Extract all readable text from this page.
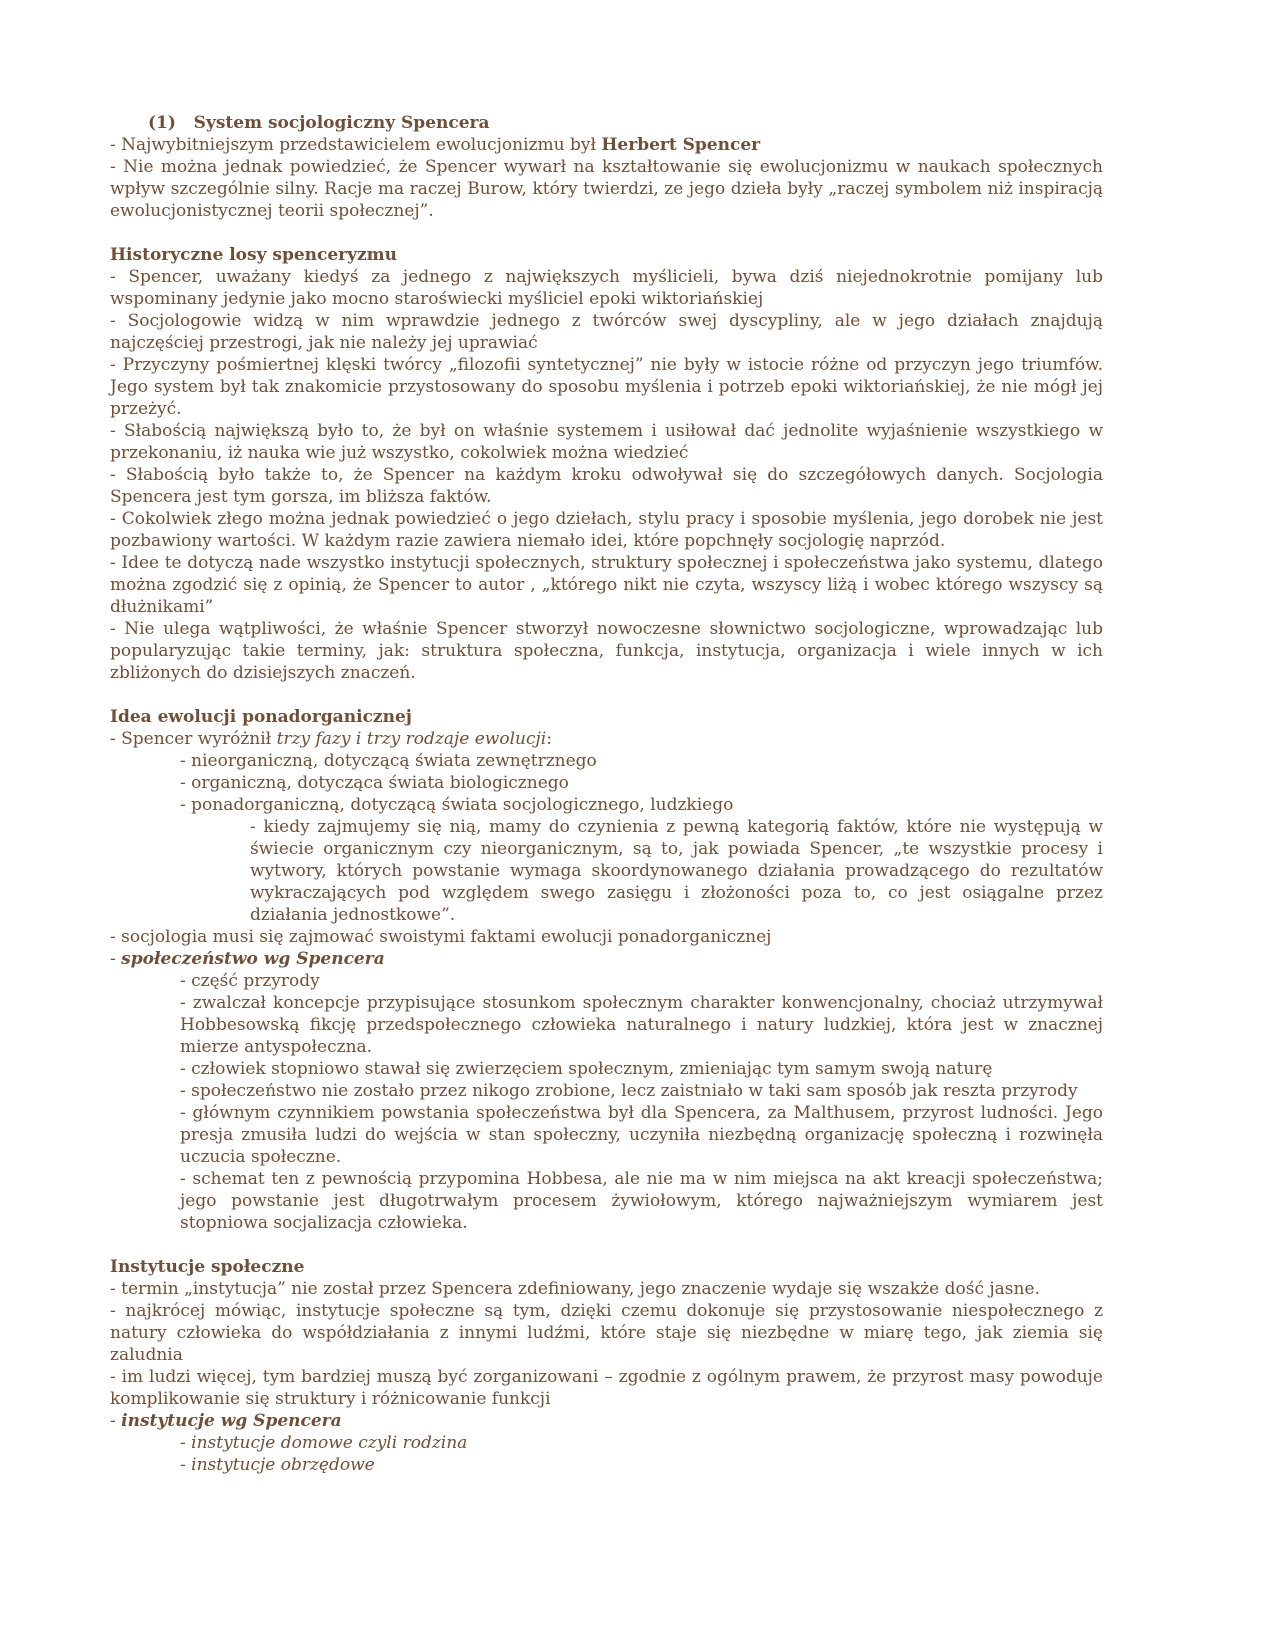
(1)   System socjologiczny Spencera

- Najwybitniejszym przedstawicielem ewolucjonizmu był Herbert Spencer

- Nie można jednak powiedzieć, że Spencer wywarł na kształtowanie się ewolucjonizmu w naukach społecznych wpływ szczególnie silny. Racje ma raczej Burow, który twierdzi, ze jego dzieła były „raczej symbolem niż inspiracją ewolucjonistycznej teorii społecznej”.

Historyczne losy spenceryzmu

- Spencer, uważany kiedyś za jednego z największych myślicieli, bywa dziś niejednokrotnie pomijany lub wspominany jedynie jako mocno staroświecki myśliciel epoki wiktoriańskiej

- Socjologowie widzą w nim wprawdzie jednego z twórców swej dyscypliny, ale w jego działach znajdują najczęściej przestrogi, jak nie należy jej uprawiać

- Przyczyny pośmiertnej klęski twórcy „filozofii syntetycznej” nie były w istocie różne od przyczyn jego triumfów. Jego system był tak znakomicie przystosowany do sposobu myślenia i potrzeb epoki wiktoriańskiej, że nie mógł jej przeżyć.

- Słabością największą było to, że był on właśnie systemem i usiłował dać jednolite wyjaśnienie wszystkiego w przekonaniu, iż nauka wie już wszystko, cokolwiek można wiedzieć

- Słabością było także to, że Spencer na każdym kroku odwoływał się do szczegółowych danych. Socjologia Spencera jest tym gorsza, im bliższa faktów.

- Cokolwiek złego można jednak powiedzieć o jego dziełach, stylu pracy i sposobie myślenia, jego dorobek nie jest pozbawiony wartości. W każdym razie zawiera niemało idei, które popchnęły socjologię naprzód.

- Idee te dotyczą nade wszystko instytucji społecznych, struktury społecznej i społeczeństwa jako systemu, dlatego można zgodzić się z opinią, że Spencer to autor , „którego nikt nie czyta, wszyscy liżą i wobec którego wszyscy są dłużnikami”

- Nie ulega wątpliwości, że właśnie Spencer stworzył nowoczesne słownictwo socjologiczne, wprowadzając lub popularyzując takie terminy, jak: struktura społeczna, funkcja, instytucja, organizacja i wiele innych w ich zbliżonych do dzisiejszych znaczeń.

Idea ewolucji ponadorganicznej

- Spencer wyróżnił trzy fazy i trzy rodzaje ewolucji:

- nieorganiczną, dotyczącą świata zewnętrznego

- organiczną, dotycząca świata biologicznego

- ponadorganiczną, dotyczącą świata socjologicznego, ludzkiego

- kiedy zajmujemy się nią, mamy do czynienia z pewną kategorią faktów, które nie występują w świecie organicznym czy nieorganicznym, są to, jak powiada Spencer, „te wszystkie procesy i wytwory, których powstanie wymaga skoordynowanego działania prowadzącego do rezultatów wykraczających pod względem swego zasięgu i złożoności poza to, co jest osiągalne przez działania jednostkowe”.

- socjologia musi się zajmować swoistymi faktami ewolucji ponadorganicznej

- społeczeństwo wg Spencera

- część przyrody

- zwalczał koncepcje przypisujące stosunkom społecznym charakter konwencjonalny, chociaż utrzymywał Hobbesowską fikcję przedspołecznego człowieka naturalnego i natury ludzkiej, która jest w znacznej mierze antyspołeczna.

- człowiek stopniowo stawał się zwierzęciem społecznym, zmieniając tym samym swoją naturę

- społeczeństwo nie zostało przez nikogo zrobione, lecz zaistniało w taki sam sposób jak reszta przyrody

- głównym czynnikiem powstania społeczeństwa był dla Spencera, za Malthusem, przyrost ludności. Jego presja zmusiła ludzi do wejścia w stan społeczny, uczyniła niezbędną organizację społeczną i rozwinęła uczucia społeczne.

- schemat ten z pewnością przypomina Hobbesa, ale nie ma w nim miejsca na akt kreacji społeczeństwa; jego powstanie jest długotrwałym procesem żywiołowym, którego najważniejszym wymiarem jest stopniowa socjalizacja człowieka.

Instytucje społeczne

- termin „instytucja” nie został przez Spencera zdefiniowany, jego znaczenie wydaje się wszakże dość jasne.

- najkrócej mówiąc, instytucje społeczne są tym, dzięki czemu dokonuje się przystosowanie niespołecznego z natury człowieka do współdziałania z innymi ludźmi, które staje się niezbędne w miarę tego, jak ziemia się zaludnia

- im ludzi więcej, tym bardziej muszą być zorganizowani – zgodnie z ogólnym prawem, że przyrost masy powoduje komplikowanie się struktury i różnicowanie funkcji

- instytucje wg Spencera

- instytucje domowe czyli rodzina

- instytucje obrzędowe
